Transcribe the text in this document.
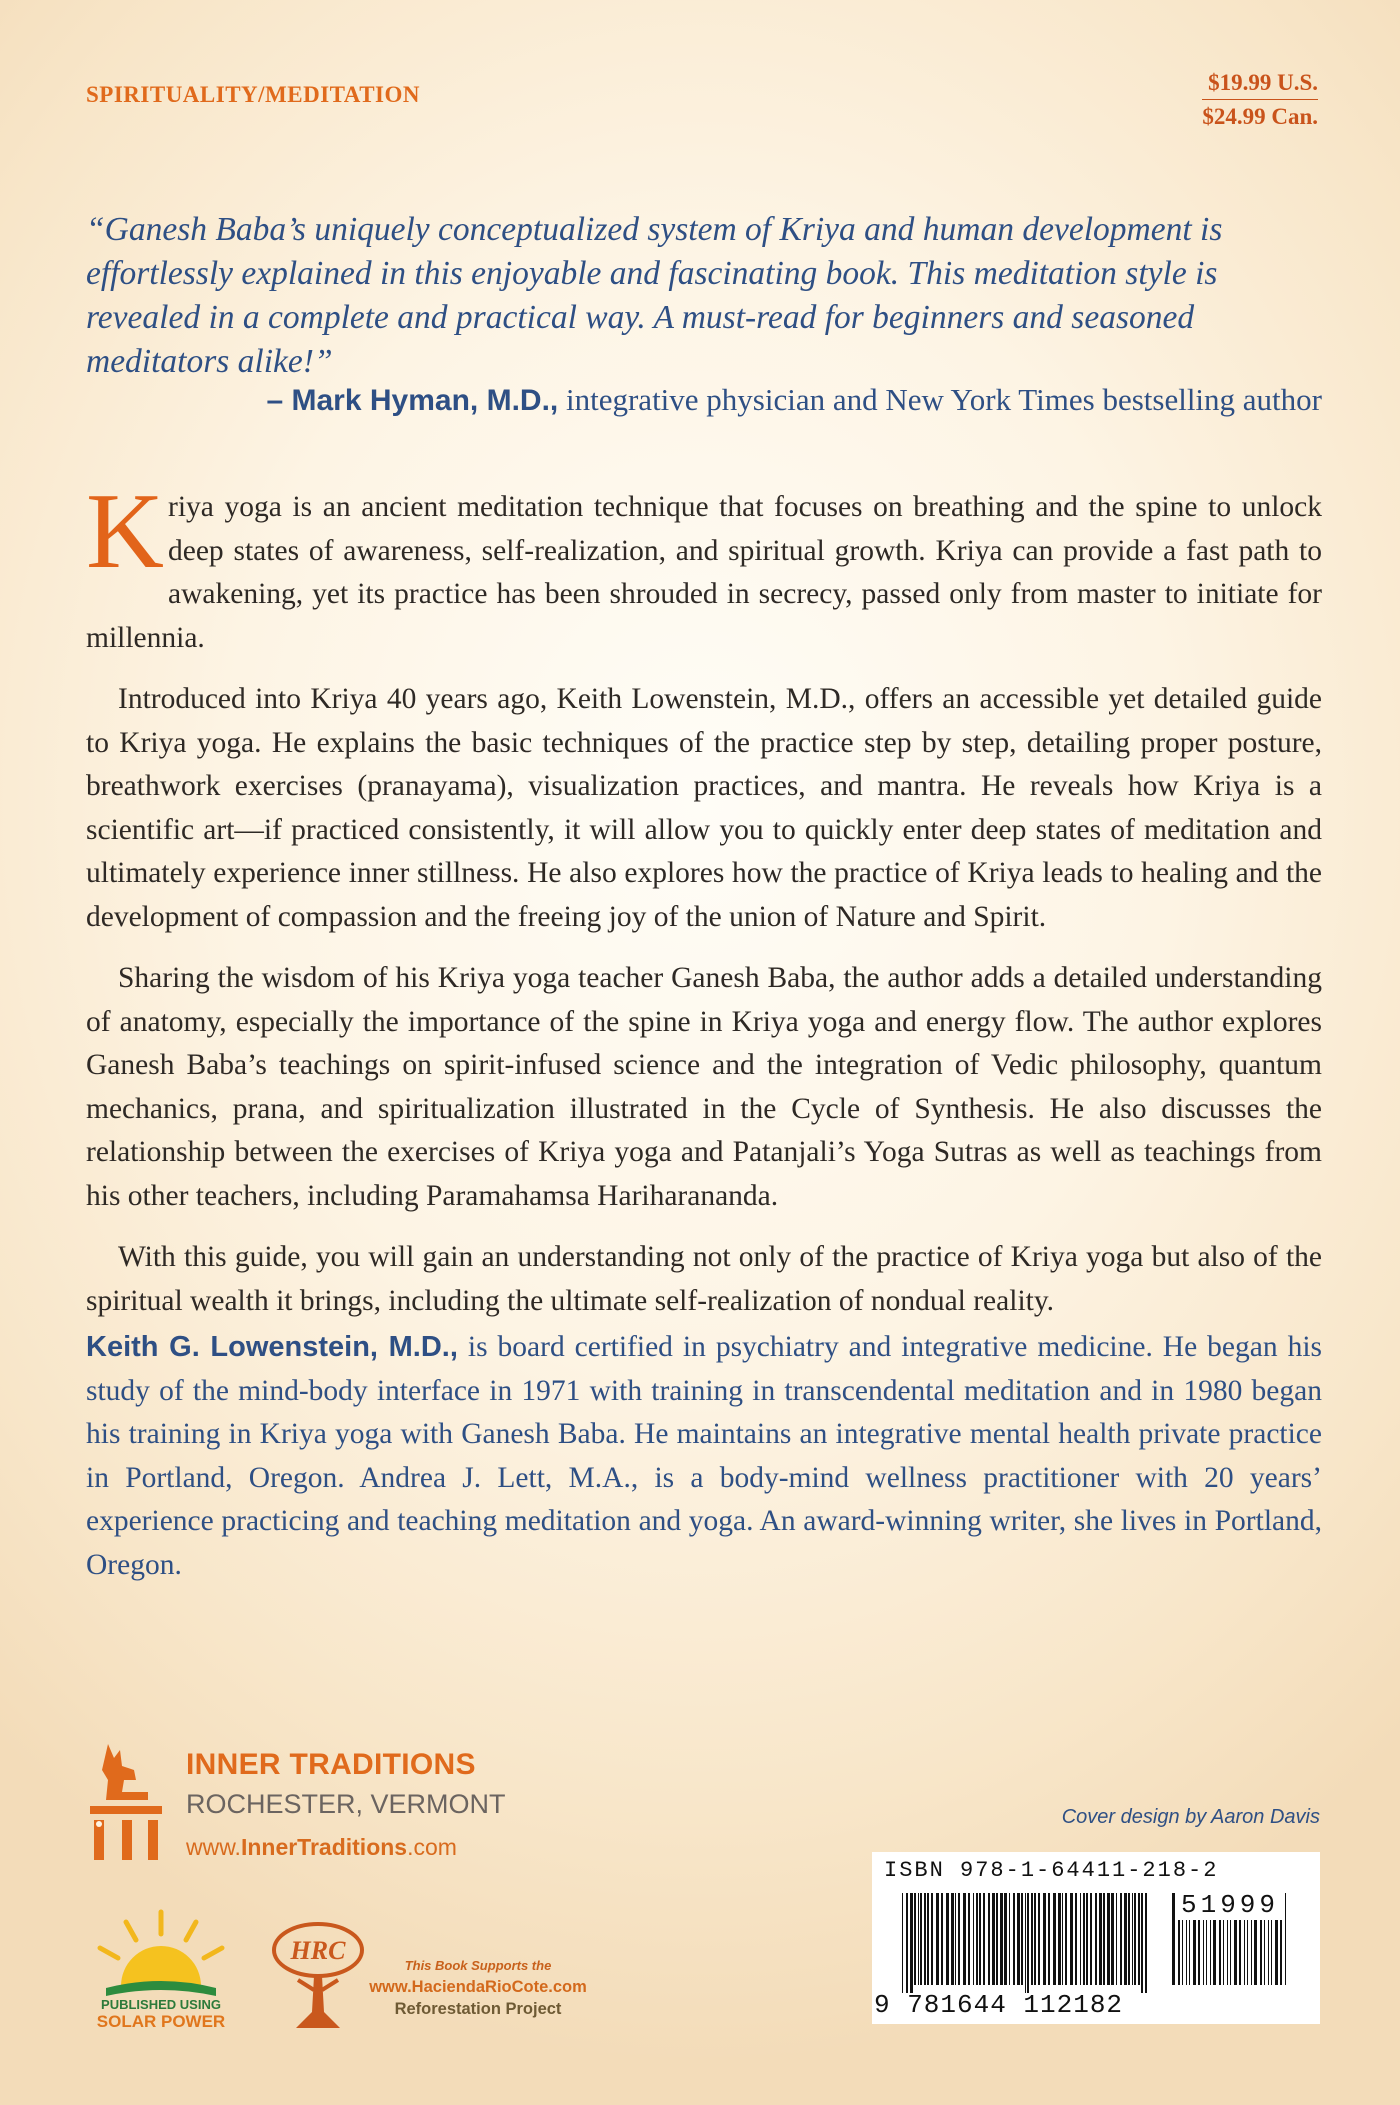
SPIRITUALITY/MEDITATION	$19.99 U.S.
$24.99 Can.
“Ganesh Baba’s uniquely conceptualized system of Kriya and human development is effortlessly explained in this enjoyable and fascinating book. This meditation style is revealed in a complete and practical way. A must-read for beginners and seasoned meditators alike!”
– Mark Hyman, M.D., integrative physician and New York Times bestselling author

Kriya yoga is an ancient meditation technique that focuses on breathing and the spine to unlock deep states of awareness, self-realization, and spiritual growth. Kriya can provide a fast path to awakening, yet its practice has been shrouded in secrecy, passed only from master to initiate for millennia.

Introduced into Kriya 40 years ago, Keith Lowenstein, M.D., offers an accessible yet detailed guide to Kriya yoga. He explains the basic techniques of the practice step by step, detailing proper posture, breathwork exercises (pranayama), visualization practices, and mantra. He reveals how Kriya is a scientific art—if practiced consistently, it will allow you to quickly enter deep states of meditation and ultimately experience inner stillness. He also explores how the practice of Kriya leads to healing and the development of compassion and the freeing joy of the union of Nature and Spirit.

Sharing the wisdom of his Kriya yoga teacher Ganesh Baba, the author adds a detailed understanding of anatomy, especially the importance of the spine in Kriya yoga and energy flow. The author explores Ganesh Baba’s teachings on spirit-infused science and the integration of Vedic philosophy, quantum mechanics, prana, and spiritualization illustrated in the Cycle of Synthesis. He also discusses the relationship between the exercises of Kriya yoga and Patanjali’s Yoga Sutras as well as teachings from his other teachers, including Paramahamsa Hariharananda.

With this guide, you will gain an understanding not only of the practice of Kriya yoga but also of the spiritual wealth it brings, including the ultimate self-realization of nondual reality.

Keith G. Lowenstein, M.D., is board certified in psychiatry and integrative medicine. He began his study of the mind-body interface in 1971 with training in transcendental meditation and in 1980 began his training in Kriya yoga with Ganesh Baba. He maintains an integrative mental health private practice in Portland, Oregon. Andrea J. Lett, M.A., is a body-mind wellness practitioner with 20 years’ experience practicing and teaching meditation and yoga. An award-winning writer, she lives in Portland, Oregon.
INNER TRADITIONS
ROCHESTER, VERMONT
www.InnerTraditions.com
PUBLISHED USING
SOLAR POWER
HRC
This Book Supports the
www.HaciendaRioCote.com
Reforestation Project
Cover design by Aaron Davis
ISBN 978-1-64411-218-2
9 781644 112182
51999
